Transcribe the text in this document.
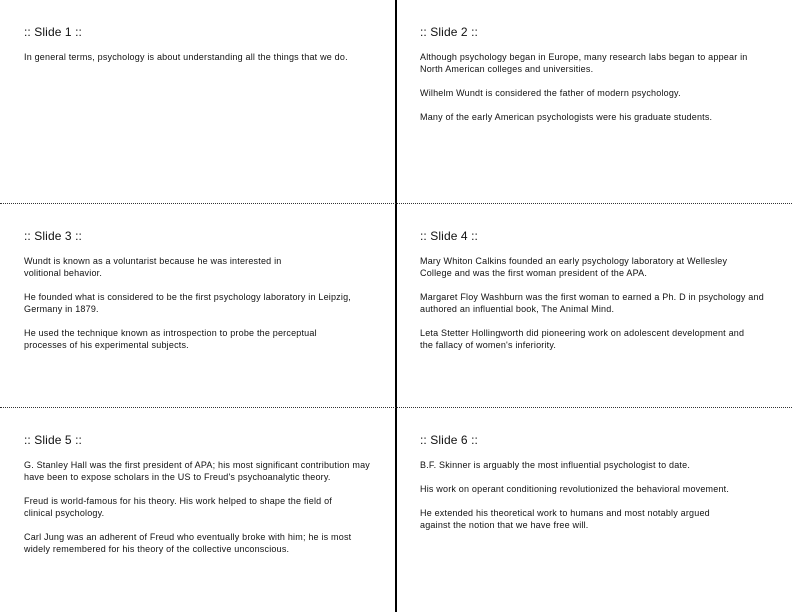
:: Slide 1 ::

In general terms, psychology is about understanding all the things that we do.

:: Slide 2 ::

Although psychology began in Europe, many research labs began to appear in North American colleges and universities.

Wilhelm Wundt is considered the father of modern psychology.

Many of the early American psychologists were his graduate students.

:: Slide 3 ::

Wundt is known as a voluntarist because he was interested in volitional behavior.

He founded what is considered to be the first psychology laboratory in Leipzig, Germany in 1879.

He used the technique known as introspection to probe the perceptual processes of his experimental subjects.

:: Slide 4 ::

Mary Whiton Calkins founded an early psychology laboratory at Wellesley College and was the first woman president of the APA.

Margaret Floy Washburn was the first woman to earned a Ph. D in psychology and authored an influential book, The Animal Mind.

Leta Stetter Hollingworth did pioneering work on adolescent development and the fallacy of women's inferiority.

:: Slide 5 ::

G. Stanley Hall was the first president of APA; his most significant contribution may have been to expose scholars in the US to Freud's psychoanalytic theory.

Freud is world-famous for his theory. His work helped to shape the field of clinical psychology.

Carl Jung was an adherent of Freud who eventually broke with him; he is most widely remembered for his theory of the collective unconscious.

:: Slide 6 ::

B.F. Skinner is arguably the most influential psychologist to date.

His work on operant conditioning revolutionized the behavioral movement.

He extended his theoretical work to humans and most notably argued against the notion that we have free will.
